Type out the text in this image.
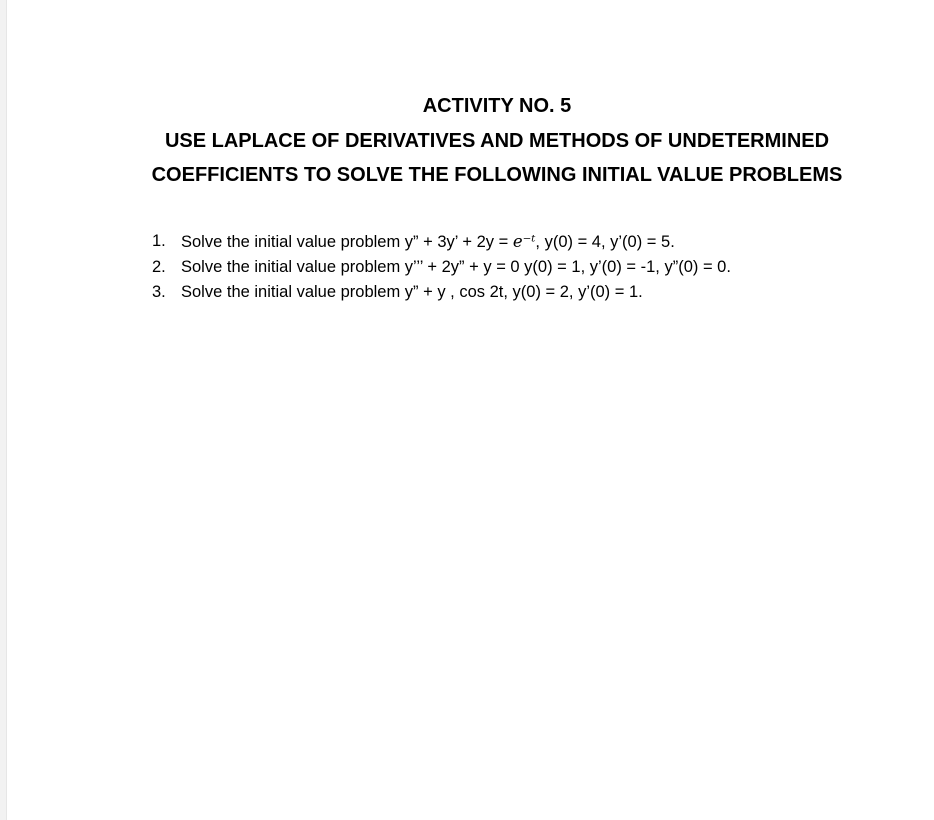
ACTIVITY NO. 5
USE LAPLACE OF DERIVATIVES AND METHODS OF UNDETERMINED
COEFFICIENTS TO SOLVE THE FOLLOWING INITIAL VALUE PROBLEMS
1. Solve the initial value problem y” + 3y’ + 2y = e⁻ᵗ, y(0) = 4, y’(0) = 5.
2. Solve the initial value problem y’’’ + 2y” + y = 0 y(0) = 1, y’(0) = -1, y”(0) = 0.
3. Solve the initial value problem y” + y , cos 2t, y(0) = 2, y’(0) = 1.
